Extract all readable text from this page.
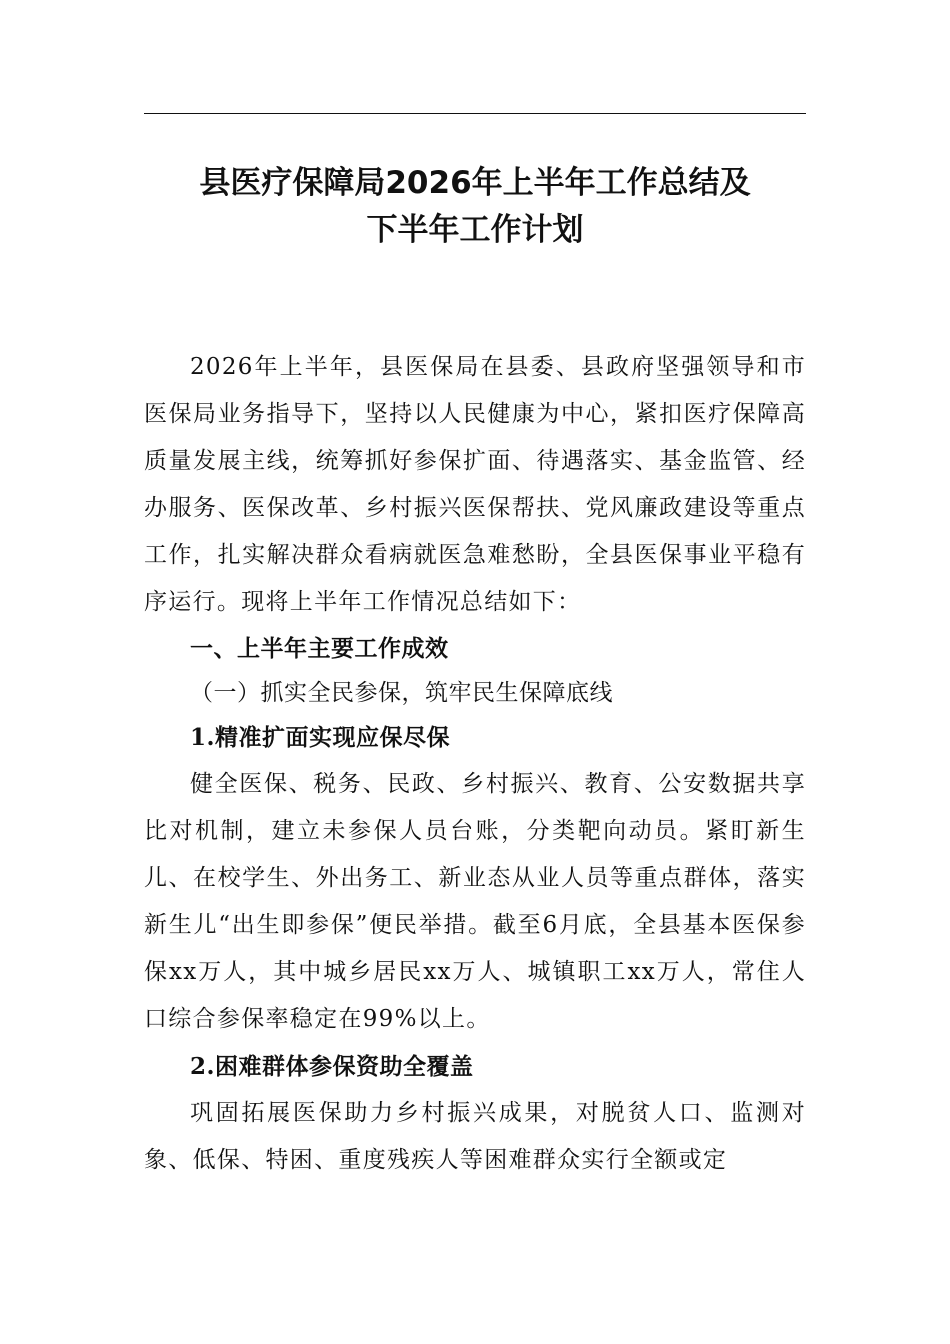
县医疗保障局2026年上半年工作总结及
下半年工作计划

2026年上半年，县医保局在县委、县政府坚强领导和市医保局业务指导下，坚持以人民健康为中心，紧扣医疗保障高质量发展主线，统筹抓好参保扩面、待遇落实、基金监管、经办服务、医保改革、乡村振兴医保帮扶、党风廉政建设等重点工作，扎实解决群众看病就医急难愁盼，全县医保事业平稳有序运行。现将上半年工作情况总结如下：

一、上半年主要工作成效

（一）抓实全民参保，筑牢民生保障底线

1.精准扩面实现应保尽保

健全医保、税务、民政、乡村振兴、教育、公安数据共享比对机制，建立未参保人员台账，分类靶向动员。紧盯新生儿、在校学生、外出务工、新业态从业人员等重点群体，落实新生儿“出生即参保”便民举措。截至6月底，全县基本医保参保xx万人，其中城乡居民xx万人、城镇职工xx万人，常住人口综合参保率稳定在99%以上。

2.困难群体参保资助全覆盖

巩固拓展医保助力乡村振兴成果，对脱贫人口、监测对象、低保、特困、重度残疾人等困难群众实行全额或定
